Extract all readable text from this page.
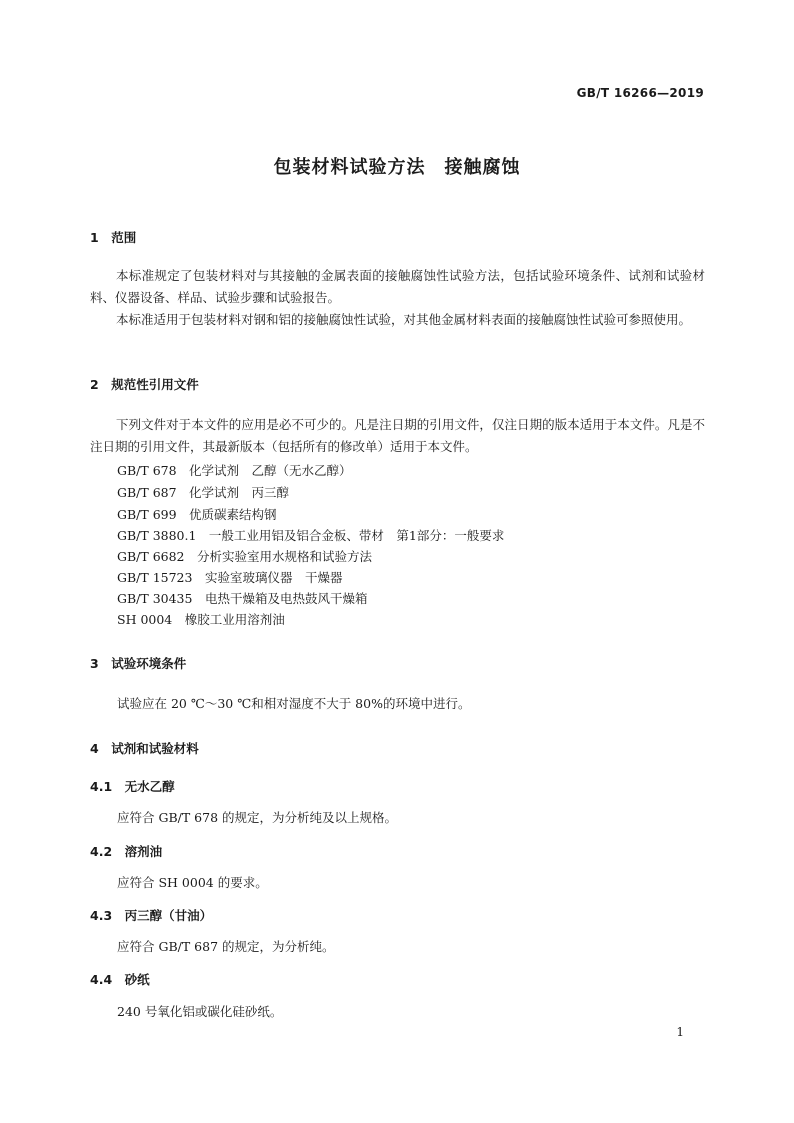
GB/T 16266—2019
包装材料试验方法　接触腐蚀
1　范围

本标准规定了包装材料对与其接触的金属表面的接触腐蚀性试验方法，包括试验环境条件、试剂和试验材料、仪器设备、样品、试验步骤和试验报告。

本标准适用于包装材料对钢和铝的接触腐蚀性试验，对其他金属材料表面的接触腐蚀性试验可参照使用。

2　规范性引用文件

下列文件对于本文件的应用是必不可少的。凡是注日期的引用文件，仅注日期的版本适用于本文件。凡是不注日期的引用文件，其最新版本（包括所有的修改单）适用于本文件。

GB/T 678　化学试剂　乙醇（无水乙醇）
GB/T 687　化学试剂　丙三醇
GB/T 699　优质碳素结构钢
GB/T 3880.1　一般工业用铝及铝合金板、带材　第1部分：一般要求
GB/T 6682　分析实验室用水规格和试验方法
GB/T 15723　实验室玻璃仪器　干燥器
GB/T 30435　电热干燥箱及电热鼓风干燥箱
SH 0004　橡胶工业用溶剂油
3　试验环境条件
试验应在 20 ℃～30 ℃和相对湿度不大于 80%的环境中进行。
4　试剂和试验材料
4.1　无水乙醇
应符合 GB/T 678 的规定，为分析纯及以上规格。
4.2　溶剂油
应符合 SH 0004 的要求。
4.3　丙三醇（甘油）
应符合 GB/T 687 的规定，为分析纯。
4.4　砂纸
240 号氧化铝或碳化硅砂纸。
1
